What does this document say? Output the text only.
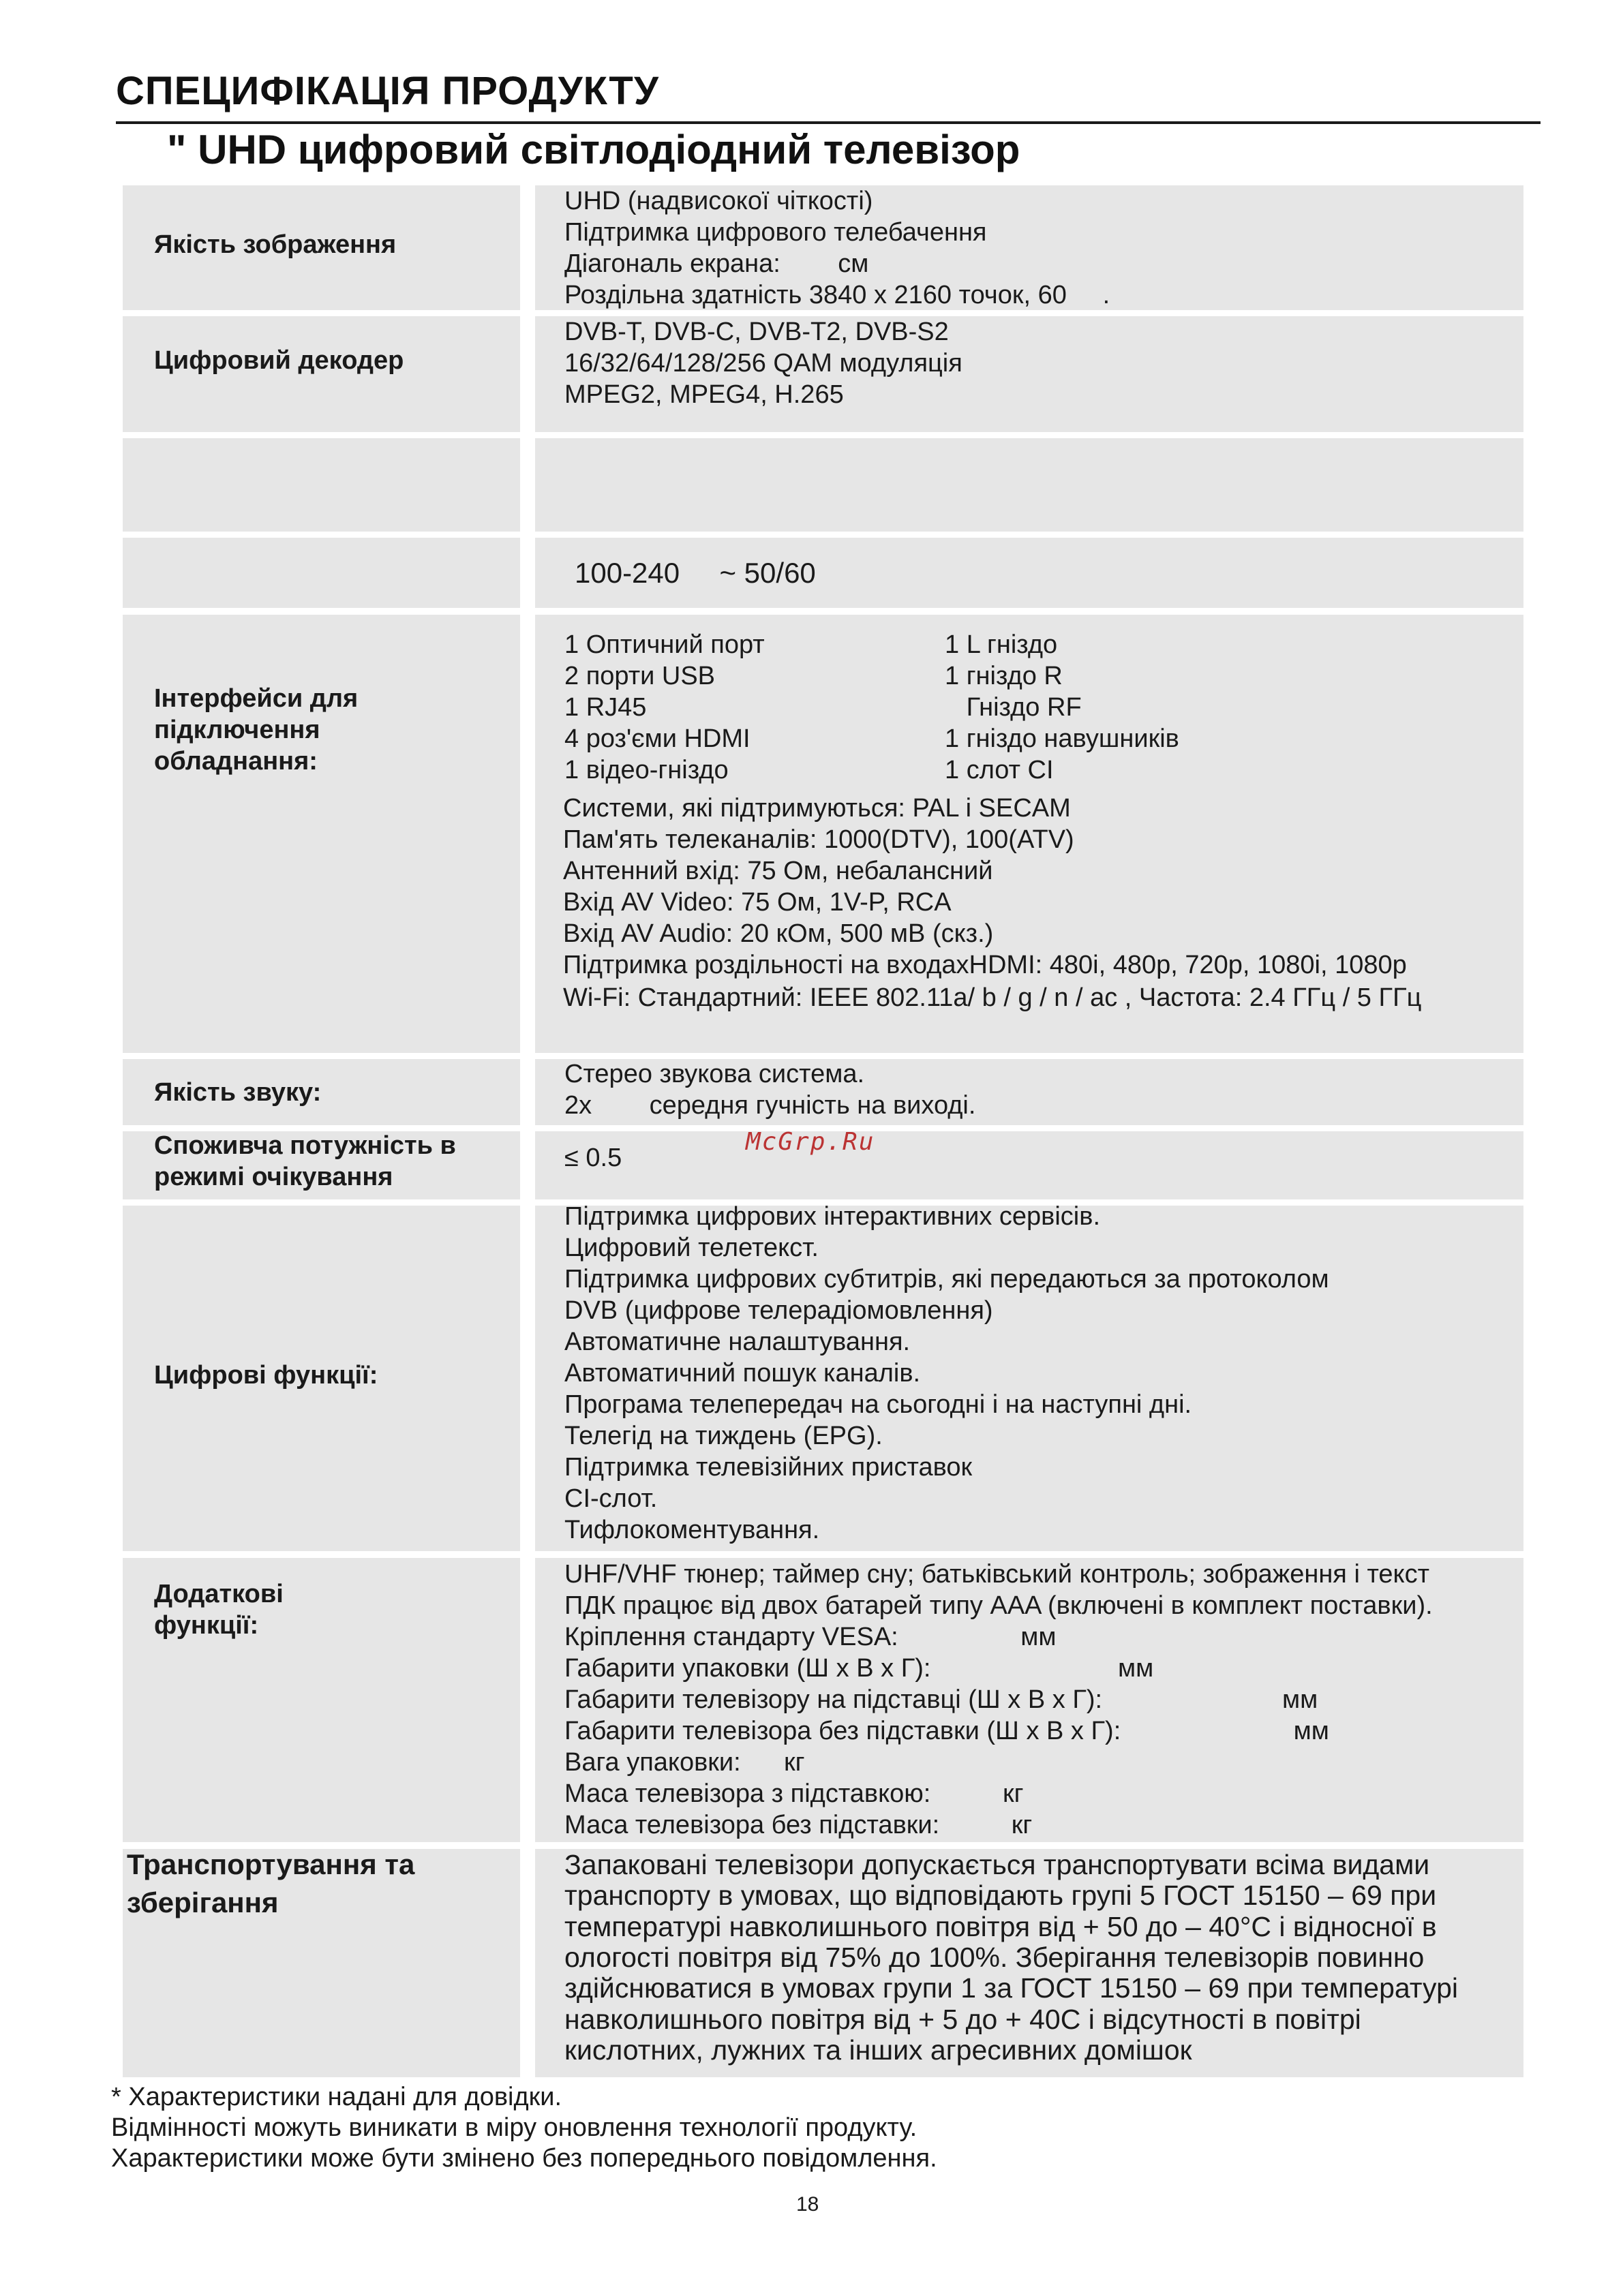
СПЕЦИФІКАЦІЯ ПРОДУКТУ
" UHD цифровий світлодіодний телевізор
Якість зображення
UHD (надвисокої чіткості)
Підтримка цифрового телебачення
Діагональ екрана:        см
Роздільна здатність 3840 х 2160 точок, 60     .
Цифровий декодер
DVB-T, DVB-C, DVB-T2, DVB-S2
16/32/64/128/256 QAM модуляція
MPEG2, MPEG4, H.265
100-240     ~ 50/60
Інтерфейси для
підключення
обладнання:
1 Оптичний порт
2 порти USB
1 RJ45
4 роз'єми HDMI
1 відео-гніздо
1 L гніздо
1 гніздо R
Гніздо RF
1 гніздо навушників
1 слот CI
Системи, які підтримуються: PAL і SECAM
Пам'ять телеканалів: 1000(DTV), 100(ATV)
Антенний вхід: 75 Ом, небалансний
Вхід AV Video: 75 Ом, 1V-P, RCA
Вхід AV Audio: 20 кОм, 500 мВ (скз.)
Підтримка роздільності на входахHDMI: 480i, 480p, 720p, 1080i, 1080p
Wi-Fi: Стандартний: IEEE 802.11a/ b / g / n / ac , Частота: 2.4 ГГц / 5 ГГц
Якість звуку:
Стерео звукова система.
2х        середня гучність на виході.
Споживча потужність в
режимі очікування
≤ 0.5
Цифрові функції:
Підтримка цифрових інтерактивних сервісів.
Цифровий телетекст.
Підтримка цифрових субтитрів, які передаються за протоколом
DVB (цифрове телерадіомовлення)
Автоматичне налаштування.
Автоматичний пошук каналів.
Програма телепередач на сьогодні і на наступні дні.
Телегід на тиждень (EPG).
Підтримка телевізійних приставок
CI-слот.
Тифлокоментування.
Додаткові
функції:
UHF/VHF тюнер; таймер сну; батьківський контроль; зображення і текст
ПДК працює від двох батарей типу AAA (включені в комплект поставки).
Кріплення стандарту VESA:                 мм
Габарити упаковки (Ш х В х Г):                          мм
Габарити телевізору на підставці (Ш х В х Г):                         мм
Габарити телевізора без підставки (Ш х В х Г):                        мм
Вага упаковки:      кг
Маса телевізора з підставкою:          кг
Маса телевізора без підставки:          кг
Транспортування та
зберігання
Запаковані телевізори допускається транспортувати всіма видами
транспорту в умовах, що відповідають групі 5 ГОСТ 15150 – 69 при
температурі навколишнього повітря від + 50 до – 40°С і відносної в
ологості повітря від 75% до 100%. Зберігання телевізорів повинно
здійснюватися в умовах групи 1 за ГОСТ 15150 – 69 при температурі
навколишнього повітря від + 5 до + 40С і відсутності в повітрі
кислотних, лужних та інших агресивних домішок
McGrp.Ru
* Характеристики надані для довідки.
Відмінності можуть виникати в міру оновлення технології продукту.
Характеристики може бути змінено без попереднього повідомлення.
18
